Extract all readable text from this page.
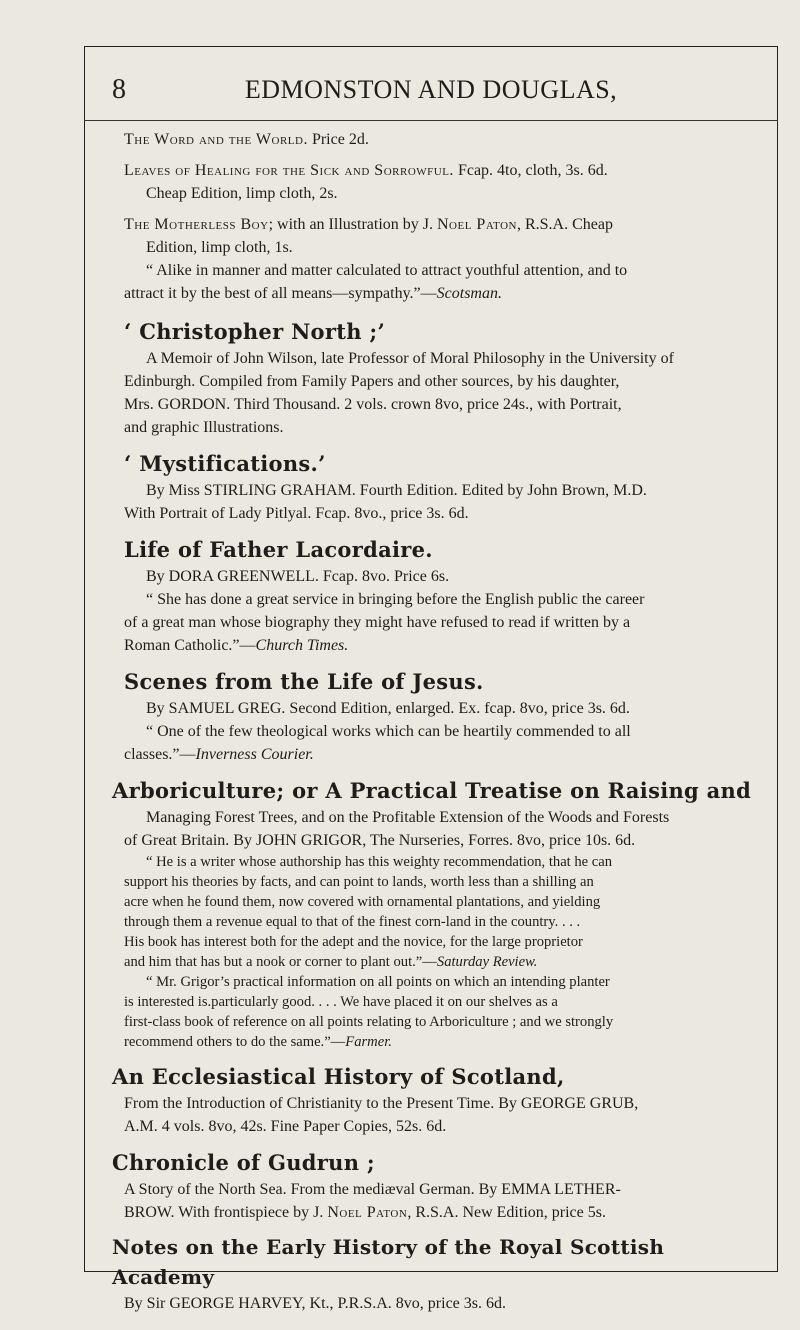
8	EDMONSTON AND DOUGLAS,

The Word and the World. Price 2d.

Leaves of Healing for the Sick and Sorrowful. Fcap. 4to, cloth, 3s. 6d.

Cheap Edition, limp cloth, 2s.

The Motherless Boy; with an Illustration by J. Noel Paton, R.S.A. Cheap

Edition, limp cloth, 1s.

“ Alike in manner and matter calculated to attract youthful attention, and to

attract it by the best of all means—sympathy.”—Scotsman.

‘ Christopher North ;’

A Memoir of John Wilson, late Professor of Moral Philosophy in the University of

Edinburgh. Compiled from Family Papers and other sources, by his daughter,

Mrs. GORDON. Third Thousand. 2 vols. crown 8vo, price 24s., with Portrait,

and graphic Illustrations.

‘ Mystifications.’

By Miss STIRLING GRAHAM. Fourth Edition. Edited by John Brown, M.D.

With Portrait of Lady Pitlyal. Fcap. 8vo., price 3s. 6d.

Life of Father Lacordaire.

By DORA GREENWELL. Fcap. 8vo. Price 6s.

“ She has done a great service in bringing before the English public the career

of a great man whose biography they might have refused to read if written by a

Roman Catholic.”—Church Times.

Scenes from the Life of Jesus.

By SAMUEL GREG. Second Edition, enlarged. Ex. fcap. 8vo, price 3s. 6d.

“ One of the few theological works which can be heartily commended to all

classes.”—Inverness Courier.

Arboriculture; or A Practical Treatise on Raising and

Managing Forest Trees, and on the Profitable Extension of the Woods and Forests

of Great Britain. By JOHN GRIGOR, The Nurseries, Forres. 8vo, price 10s. 6d.

“ He is a writer whose authorship has this weighty recommendation, that he can

support his theories by facts, and can point to lands, worth less than a shilling an

acre when he found them, now covered with ornamental plantations, and yielding

through them a revenue equal to that of the finest corn-land in the country. . . .

His book has interest both for the adept and the novice, for the large proprietor

and him that has but a nook or corner to plant out.”—Saturday Review.

“ Mr. Grigor’s practical information on all points on which an intending planter

is interested is.particularly good. . . . We have placed it on our shelves as a

first-class book of reference on all points relating to Arboriculture ; and we strongly

recommend others to do the same.”—Farmer.

An Ecclesiastical History of Scotland,

From the Introduction of Christianity to the Present Time. By GEORGE GRUB,

A.M. 4 vols. 8vo, 42s. Fine Paper Copies, 52s. 6d.

Chronicle of Gudrun ;

A Story of the North Sea. From the mediæval German. By EMMA LETHER-

BROW. With frontispiece by J. Noel Paton, R.S.A. New Edition, price 5s.

Notes on the Early History of the Royal Scottish Academy

By Sir GEORGE HARVEY, Kt., P.R.S.A. 8vo, price 3s. 6d.
